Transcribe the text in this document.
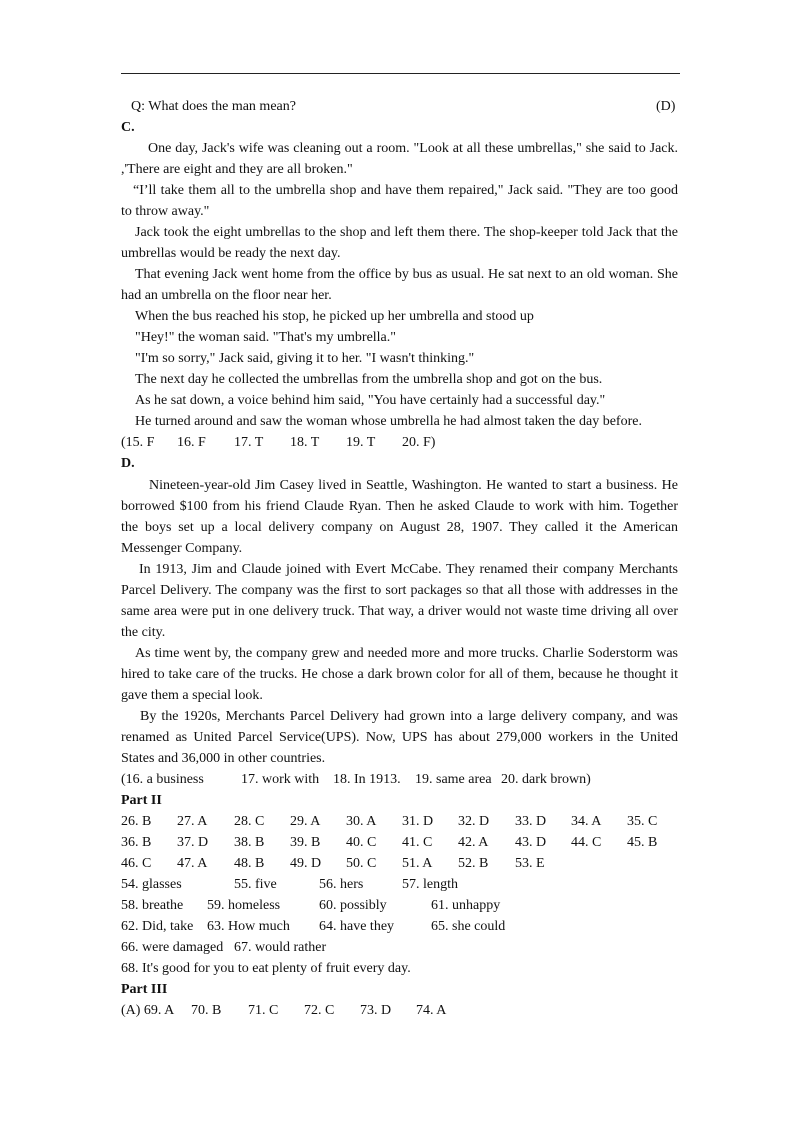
Q: What does the man mean?	(D)
C.
One day, Jack's wife was cleaning out a room. "Look at all these umbrellas," she said to Jack.
,'There are eight and they are all broken."
“I’ll take them all to the umbrella shop and have them repaired," Jack said. "They are too good
to throw away."
Jack took the eight umbrellas to the shop and left them there. The shop-keeper told Jack that the
umbrellas would be ready the next day.
That evening Jack went home from the office by bus as usual. He sat next to an old woman. She
had an umbrella on the floor near her.
When the bus reached his stop, he picked up her umbrella and stood up
"Hey!" the woman said. "That's my umbrella."
"I'm so sorry," Jack said, giving it to her. "I wasn't thinking."
The next day he collected the umbrellas from the umbrella shop and got on the bus.
As he sat down, a voice behind him said, "You have certainly had a successful day."
He turned around and saw the woman whose umbrella he had almost taken the day before.
(15. F 16. F 17. T 18. T 19. T 20. F)
D.
Nineteen-year-old Jim Casey lived in Seattle, Washington. He wanted to start a business. He
borrowed $100 from his friend Claude Ryan. Then he asked Claude to work with him. Together
the boys set up a local delivery company on August 28, 1907. They called it the American
Messenger Company.
In 1913, Jim and Claude joined with Evert McCabe. They renamed their company Merchants
Parcel Delivery. The company was the first to sort packages so that all those with addresses in the
same area were put in one delivery truck. That way, a driver would not waste time driving all over
the city.
As time went by, the company grew and needed more and more trucks. Charlie Soderstorm was
hired to take care of the trucks. He chose a dark brown color for all of them, because he thought it
gave them a special look.
By the 1920s, Merchants Parcel Delivery had grown into a large delivery company, and was
renamed as United Parcel Service(UPS). Now, UPS has about 279,000 workers in the United
States and 36,000 in other countries.
(16. a business	17. work with 18. In 1913. 19. same area 20. dark brown)
Part II
26. B 27. A 28. C 29. A 30. A 31. D 32. D 33. D 34. A 35. C
36. B 37. D 38. B 39. B 40. C 41. C 42. A 43. D 44. C 45. B
46. C 47. A 48. B 49. D 50. C 51. A 52. B 53. E
54. glasses	55. five	56. hers	57. length
58. breathe 59. homeless	60. possibly	61. unhappy
62. Did, take 63. How much 64. have they	65. she could
66. were damaged 67. would rather
68. It's good for you to eat plenty of fruit every day.
Part III
(A) 69. A 70. B 71. C 72. C 73. D 74. A
